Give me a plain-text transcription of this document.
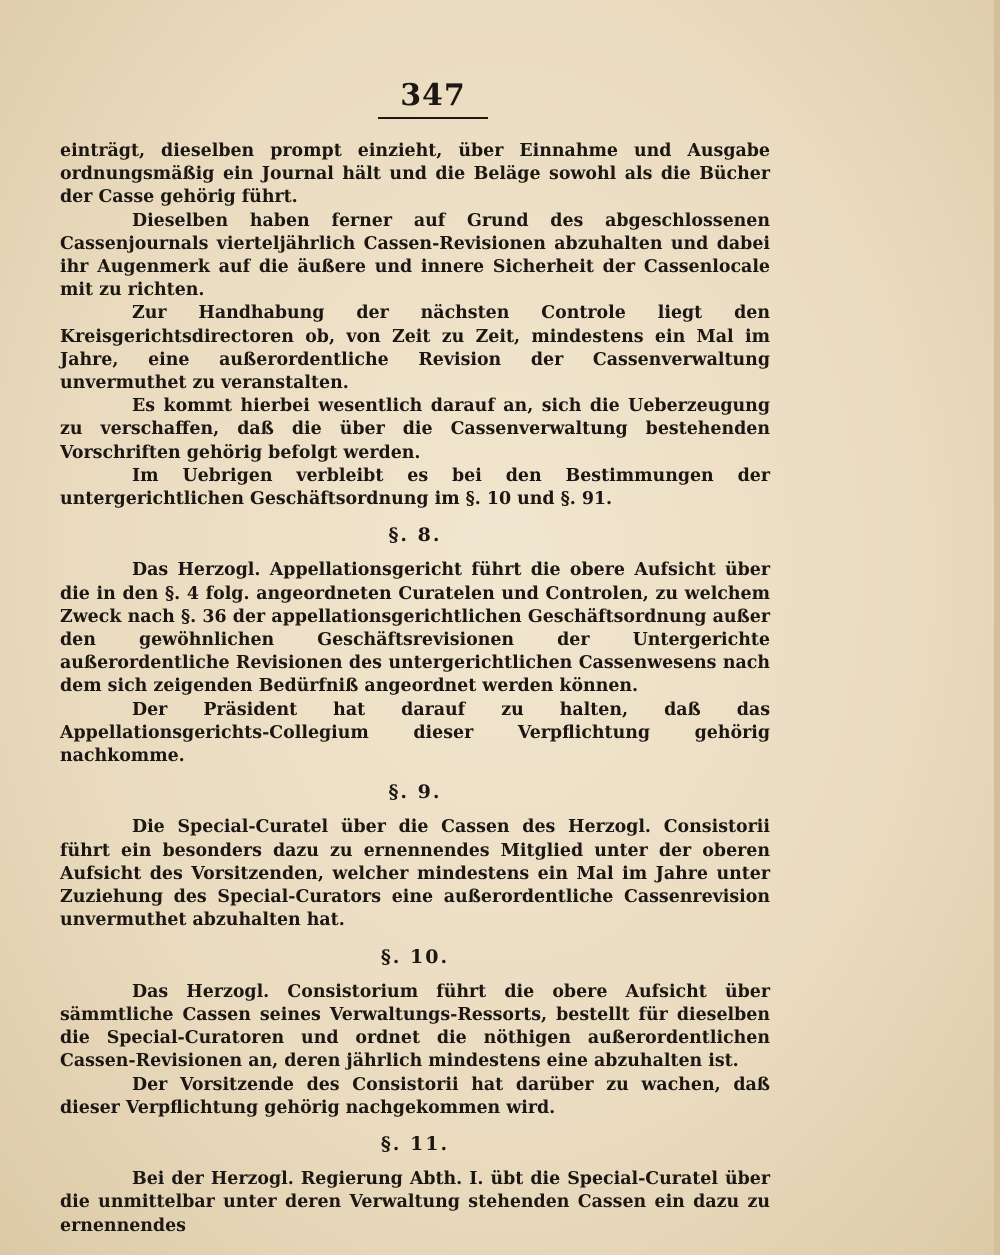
347

einträgt, dieselben prompt einzieht, über Einnahme und Ausgabe ordnungsmäßig ein Journal hält und die Beläge sowohl als die Bücher der Casse gehörig führt.

Dieselben haben ferner auf Grund des abgeschlossenen Cassenjournals vierteljährlich Cassen-Revisionen abzuhalten und dabei ihr Augenmerk auf die äußere und innere Sicherheit der Cassenlocale mit zu richten.

Zur Handhabung der nächsten Controle liegt den Kreisgerichtsdirectoren ob, von Zeit zu Zeit, mindestens ein Mal im Jahre, eine außerordentliche Revision der Cassenverwaltung unvermuthet zu veranstalten.

Es kommt hierbei wesentlich darauf an, sich die Ueberzeugung zu verschaffen, daß die über die Cassenverwaltung bestehenden Vorschriften gehörig befolgt werden.

Im Uebrigen verbleibt es bei den Bestimmungen der untergerichtlichen Geschäftsordnung im §. 10 und §. 91.

§. 8.

Das Herzogl. Appellationsgericht führt die obere Aufsicht über die in den §. 4 folg. angeordneten Curatelen und Controlen, zu welchem Zweck nach §. 36 der appellationsgerichtlichen Geschäftsordnung außer den gewöhnlichen Geschäftsrevisionen der Untergerichte außerordentliche Revisionen des untergerichtlichen Cassenwesens nach dem sich zeigenden Bedürfniß angeordnet werden können.

Der Präsident hat darauf zu halten, daß das Appellationsgerichts-Collegium dieser Verpflichtung gehörig nachkomme.

§. 9.

Die Special-Curatel über die Cassen des Herzogl. Consistorii führt ein besonders dazu zu ernennendes Mitglied unter der oberen Aufsicht des Vorsitzenden, welcher mindestens ein Mal im Jahre unter Zuziehung des Special-Curators eine außerordentliche Cassenrevision unvermuthet abzuhalten hat.

§. 10.

Das Herzogl. Consistorium führt die obere Aufsicht über sämmtliche Cassen seines Verwaltungs-Ressorts, bestellt für dieselben die Special-Curatoren und ordnet die nöthigen außerordentlichen Cassen-Revisionen an, deren jährlich mindestens eine abzuhalten ist.

Der Vorsitzende des Consistorii hat darüber zu wachen, daß dieser Verpflichtung gehörig nachgekommen wird.

§. 11.

Bei der Herzogl. Regierung Abth. I. übt die Special-Curatel über die unmittelbar unter deren Verwaltung stehenden Cassen ein dazu zu ernennendes
